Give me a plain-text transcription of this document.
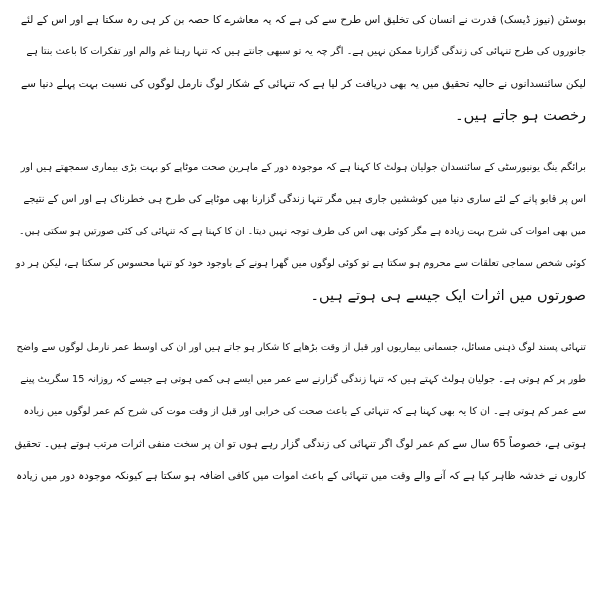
بوسٹن (نیوز ڈیسک) قدرت نے انسان کی تخلیق اس طرح سے کی ہے کہ یہ معاشرے کا حصہ بن کر ہی رہ سکتا ہے اور اس کے لئے
جانوروں کی طرح تنہائی کی زندگی گزارنا ممکن نہیں ہے۔ اگر چہ یہ تو سبھی جانتے ہیں کہ تنہا رہنا غم والم اور تفکرات کا باعث بنتا ہے
لیکن سائنسدانوں نے حالیہ تحقیق میں یہ بھی دریافت کر لیا ہے کہ تنہائی کے شکار لوگ نارمل لوگوں کی نسبت بہت پہلے دنیا سے
رخصت ہو جاتے ہیں۔
برائگم ینگ یونیورسٹی کے سائنسدان جولیان ہولٹ کا کہنا ہے کہ موجودہ دور کے ماہرین صحت موٹاپے کو بہت بڑی بیماری سمجھتے ہیں اور
اس پر قابو پانے کے لئے ساری دنیا میں کوششیں جاری ہیں مگر تنہا زندگی گزارنا بھی موٹاپے کی طرح ہی خطرناک ہے اور اس کے نتیجے
میں بھی اموات کی شرح بہت زیادہ ہے مگر کوئی بھی اس کی طرف توجہ نہیں دیتا۔ ان کا کہنا ہے کہ تنہائی کی کئی صورتیں ہو سکتی ہیں۔
کوئی شخص سماجی تعلقات سے محروم ہو سکتا ہے تو کوئی لوگوں میں گھرا ہونے کے باوجود خود کو تنہا محسوس کر سکتا ہے، لیکن ہر دو
صورتوں میں اثرات ایک جیسے ہی ہوتے ہیں۔
تنہائی پسند لوگ ذہنی مسائل، جسمانی بیماریوں اور قبل از وقت بڑھاپے کا شکار ہو جاتے ہیں اور ان کی اوسط عمر نارمل لوگوں سے واضح
طور پر کم ہوتی ہے۔ جولیان ہولٹ کہتے ہیں کہ تنہا زندگی گزارنے سے عمر میں ایسے ہی کمی ہوتی ہے جیسے کہ روزانہ 15 سگریٹ پینے
سے عمر کم ہوتی ہے۔ ان کا یہ بھی کہنا ہے کہ تنہائی کے باعث صحت کی خرابی اور قبل از وقت موت کی شرح کم عمر لوگوں میں زیادہ
ہوتی ہے، خصوصاً 65 سال سے کم عمر لوگ اگر تنہائی کی زندگی گزار رہے ہوں تو ان پر سخت منفی اثرات مرتب ہوتے ہیں۔ تحقیق
کاروں نے خدشہ ظاہر کیا ہے کہ آنے والے وقت میں تنہائی کے باعث اموات میں کافی اضافہ ہو سکتا ہے کیونکہ موجودہ دور میں زیادہ
